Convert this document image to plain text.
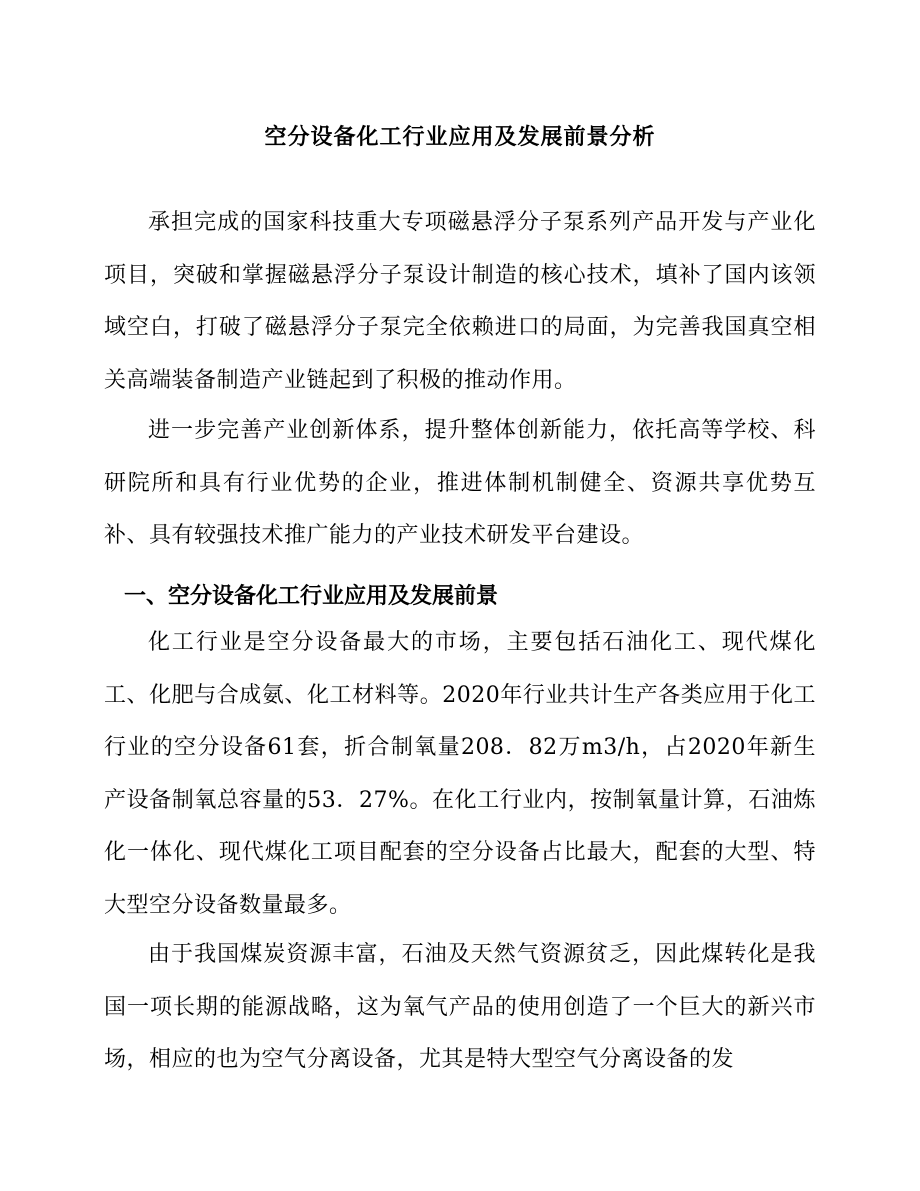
空分设备化工行业应用及发展前景分析
承担完成的国家科技重大专项磁悬浮分子泵系列产品开发与产业化项目，突破和掌握磁悬浮分子泵设计制造的核心技术，填补了国内该领域空白，打破了磁悬浮分子泵完全依赖进口的局面，为完善我国真空相关高端装备制造产业链起到了积极的推动作用。
进一步完善产业创新体系，提升整体创新能力，依托高等学校、科研院所和具有行业优势的企业，推进体制机制健全、资源共享优势互补、具有较强技术推广能力的产业技术研发平台建设。
一、空分设备化工行业应用及发展前景
化工行业是空分设备最大的市场，主要包括石油化工、现代煤化工、化肥与合成氨、化工材料等。2020年行业共计生产各类应用于化工行业的空分设备61套，折合制氧量208．82万m3/h，占2020年新生产设备制氧总容量的53．27%。在化工行业内，按制氧量计算，石油炼化一体化、现代煤化工项目配套的空分设备占比最大，配套的大型、特大型空分设备数量最多。
由于我国煤炭资源丰富，石油及天然气资源贫乏，因此煤转化是我国一项长期的能源战略，这为氧气产品的使用创造了一个巨大的新兴市场，相应的也为空气分离设备，尤其是特大型空气分离设备的发
